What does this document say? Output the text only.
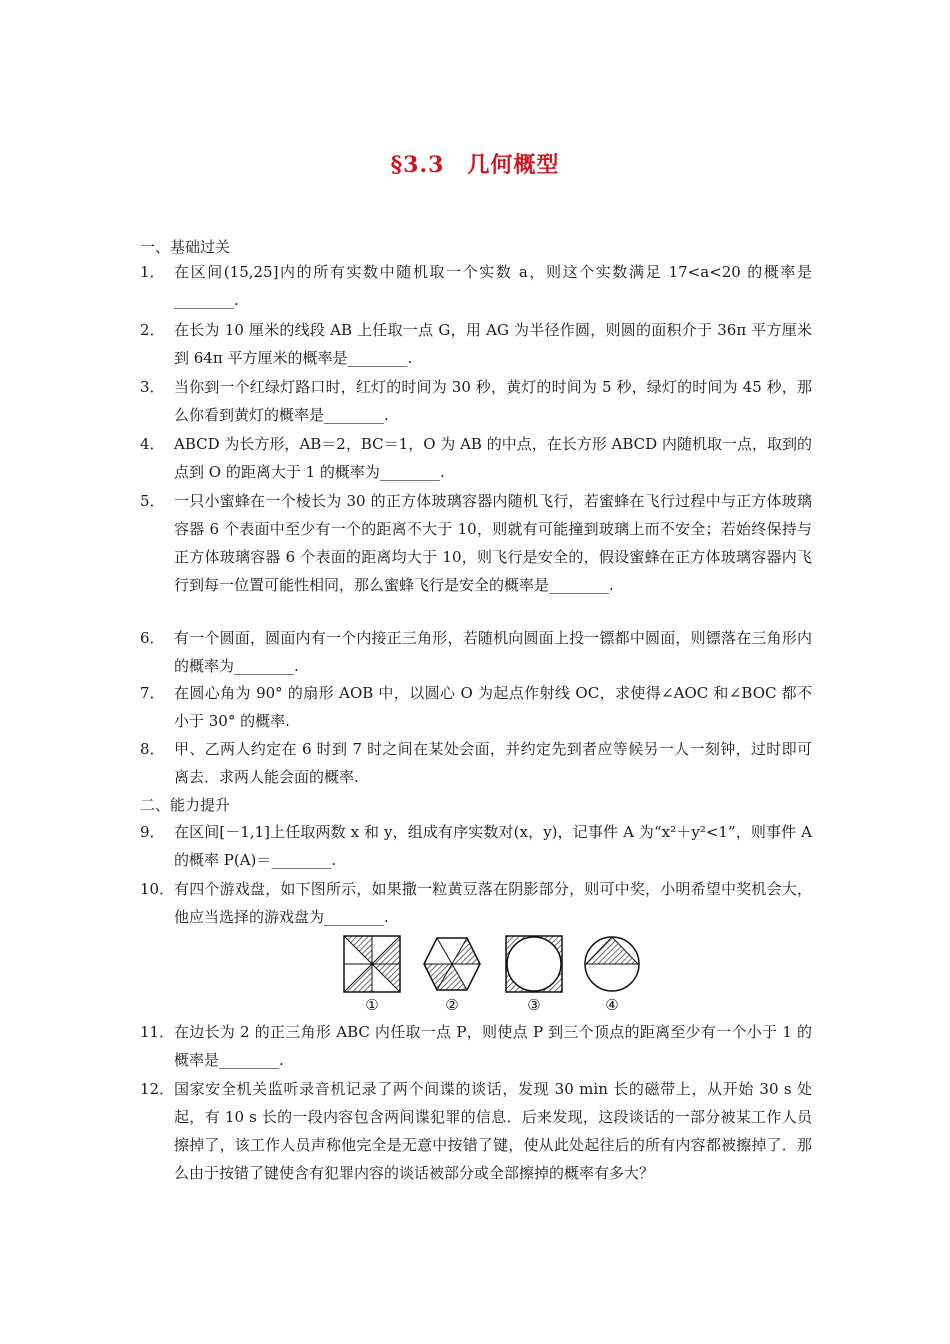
§3.3　几何概型
一、基础过关
1． 在区间(15,25]内的所有实数中随机取一个实数 a，则这个实数满足 17<a<20 的概率是________.
2． 在长为 10 厘米的线段 AB 上任取一点 G，用 AG 为半径作圆，则圆的面积介于 36π 平方厘米到 64π 平方厘米的概率是________.
3． 当你到一个红绿灯路口时，红灯的时间为 30 秒，黄灯的时间为 5 秒，绿灯的时间为 45 秒，那么你看到黄灯的概率是________.
4． ABCD 为长方形，AB＝2，BC＝1，O 为 AB 的中点，在长方形 ABCD 内随机取一点，取到的点到 O 的距离大于 1 的概率为________.
5． 一只小蜜蜂在一个棱长为 30 的正方体玻璃容器内随机飞行，若蜜蜂在飞行过程中与正方体玻璃容器 6 个表面中至少有一个的距离不大于 10，则就有可能撞到玻璃上而不安全；若始终保持与正方体玻璃容器 6 个表面的距离均大于 10，则飞行是安全的，假设蜜蜂在正方体玻璃容器内飞行到每一位置可能性相同，那么蜜蜂飞行是安全的概率是________.
6． 有一个圆面，圆面内有一个内接正三角形，若随机向圆面上投一镖都中圆面，则镖落在三角形内的概率为________.
7． 在圆心角为 90° 的扇形 AOB 中，以圆心 O 为起点作射线 OC，求使得∠AOC 和∠BOC 都不小于 30° 的概率.
8． 甲、乙两人约定在 6 时到 7 时之间在某处会面，并约定先到者应等候另一人一刻钟，过时即可离去．求两人能会面的概率.
二、能力提升
9． 在区间[－1,1]上任取两数 x 和 y，组成有序实数对(x，y)，记事件 A 为“x²＋y²<1”，则事件 A 的概率 P(A)＝________.
10． 有四个游戏盘，如下图所示，如果撒一粒黄豆落在阴影部分，则可中奖，小明希望中奖机会大，他应当选择的游戏盘为________.
①	②	③	④
11． 在边长为 2 的正三角形 ABC 内任取一点 P，则使点 P 到三个顶点的距离至少有一个小于 1 的概率是________.
12． 国家安全机关监听录音机记录了两个间谍的谈话，发现 30 min 长的磁带上，从开始 30 s 处起，有 10 s 长的一段内容包含两间谍犯罪的信息．后来发现，这段谈话的一部分被某工作人员擦掉了，该工作人员声称他完全是无意中按错了键，使从此处起往后的所有内容都被擦掉了．那么由于按错了键使含有犯罪内容的谈话被部分或全部擦掉的概率有多大？
